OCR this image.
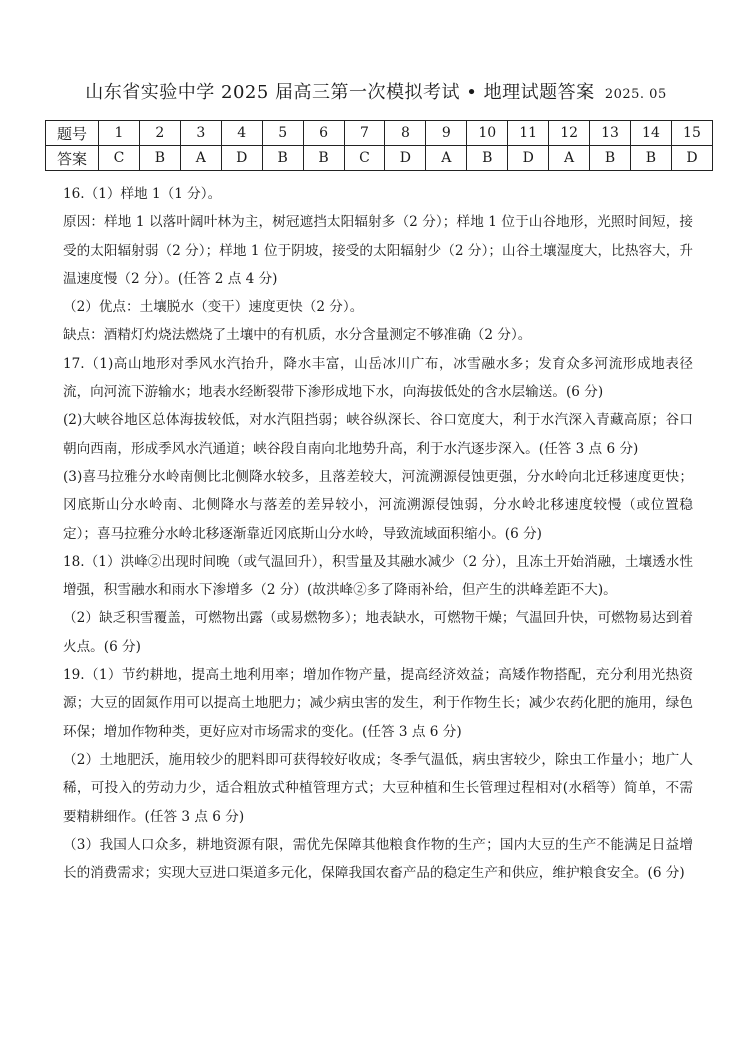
山东省实验中学 2025 届高三第一次模拟考试 • 地理试题答案 2025. 05
题号	1	2	3	4	5	6	7	8	9	10	11	12	13	14	15
答案	C	B	A	D	B	B	C	D	A	B	D	A	B	B	D

16.（1）样地 1（1 分）。

原因：样地 1 以落叶阔叶林为主，树冠遮挡太阳辐射多（2 分）；样地 1 位于山谷地形，光照时间短，接受的太阳辐射弱（2 分）；样地 1 位于阴坡，接受的太阳辐射少（2 分）；山谷土壤湿度大，比热容大，升温速度慢（2 分）。(任答 2 点 4 分)

（2）优点：土壤脱水（变干）速度更快（2 分）。

缺点：酒精灯灼烧法燃烧了土壤中的有机质，水分含量测定不够准确（2 分）。

17.（1)高山地形对季风水汽抬升，降水丰富，山岳冰川广布，冰雪融水多；发育众多河流形成地表径流，向河流下游输水；地表水经断裂带下渗形成地下水，向海拔低处的含水层输送。(6 分)

(2)大峡谷地区总体海拔较低，对水汽阻挡弱；峡谷纵深长、谷口宽度大，利于水汽深入青藏高原；谷口朝向西南，形成季风水汽通道；峡谷段自南向北地势升高，利于水汽逐步深入。(任答 3 点 6 分)

(3)喜马拉雅分水岭南侧比北侧降水较多，且落差较大，河流溯源侵蚀更强，分水岭向北迁移速度更快；冈底斯山分水岭南、北侧降水与落差的差异较小，河流溯源侵蚀弱，分水岭北移速度较慢（或位置稳定）；喜马拉雅分水岭北移逐渐靠近冈底斯山分水岭，导致流域面积缩小。(6 分)

18.（1）洪峰②出现时间晚（或气温回升），积雪量及其融水减少（2 分），且冻土开始消融，土壤透水性增强，积雪融水和雨水下渗增多（2 分）(故洪峰②多了降雨补给，但产生的洪峰差距不大)。

（2）缺乏积雪覆盖，可燃物出露（或易燃物多）；地表缺水，可燃物干燥；气温回升快，可燃物易达到着火点。(6 分)

19.（1）节约耕地，提高土地利用率；增加作物产量，提高经济效益；高矮作物搭配，充分利用光热资源；大豆的固氮作用可以提高土地肥力；减少病虫害的发生，利于作物生长；减少农药化肥的施用，绿色环保；增加作物种类，更好应对市场需求的变化。(任答 3 点 6 分)

（2）土地肥沃，施用较少的肥料即可获得较好收成；冬季气温低，病虫害较少，除虫工作量小；地广人稀，可投入的劳动力少，适合粗放式种植管理方式；大豆种植和生长管理过程相对(水稻等）简单，不需要精耕细作。(任答 3 点 6 分)

（3）我国人口众多，耕地资源有限，需优先保障其他粮食作物的生产；国内大豆的生产不能满足日益增长的消费需求；实现大豆进口渠道多元化，保障我国农畜产品的稳定生产和供应，维护粮食安全。(6 分)
